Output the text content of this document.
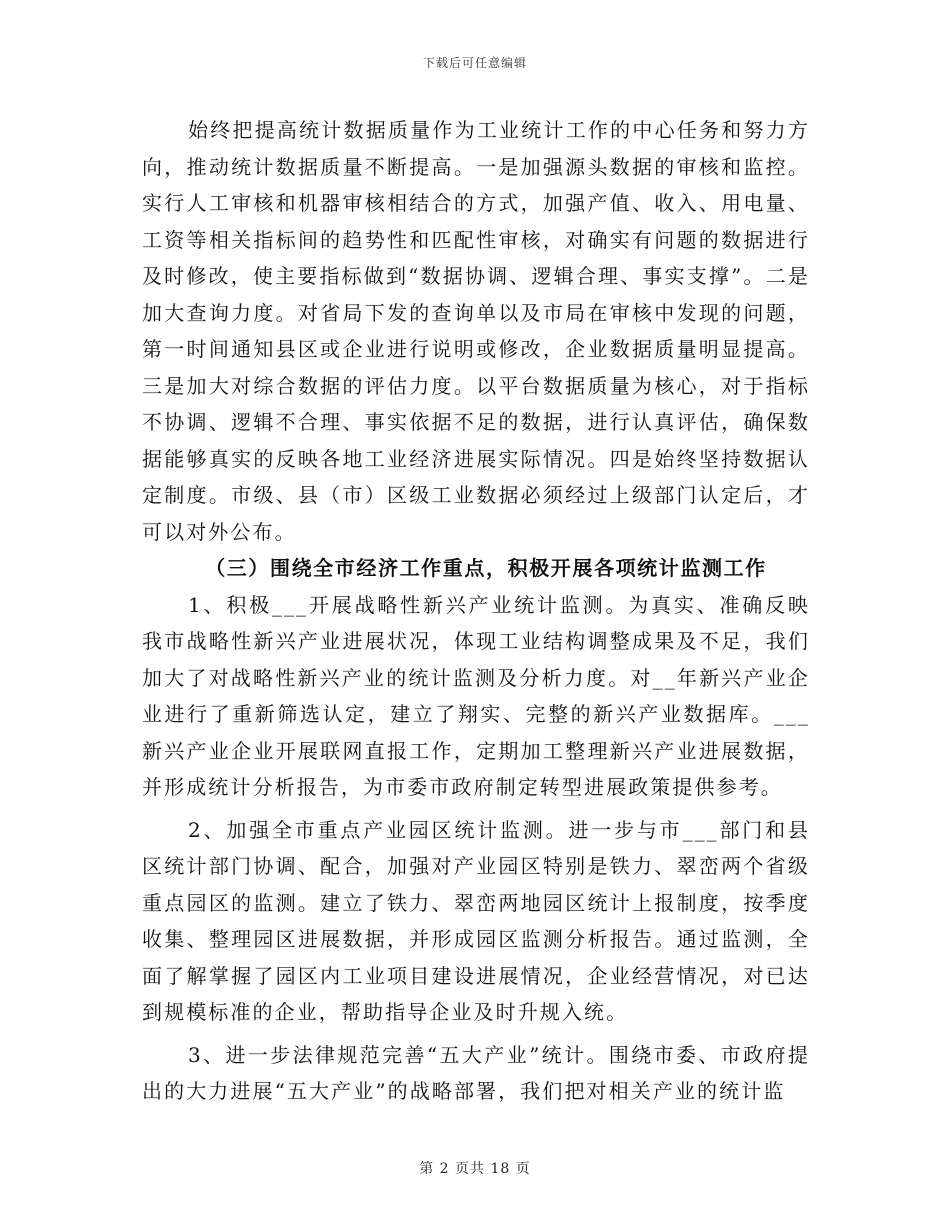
下载后可任意编辑

始终把提高统计数据质量作为工业统计工作的中心任务和努力方向，推动统计数据质量不断提高。一是加强源头数据的审核和监控。实行人工审核和机器审核相结合的方式，加强产值、收入、用电量、工资等相关指标间的趋势性和匹配性审核，对确实有问题的数据进行及时修改，使主要指标做到“数据协调、逻辑合理、事实支撑”。二是加大查询力度。对省局下发的查询单以及市局在审核中发现的问题，第一时间通知县区或企业进行说明或修改，企业数据质量明显提高。三是加大对综合数据的评估力度。以平台数据质量为核心，对于指标不协调、逻辑不合理、事实依据不足的数据，进行认真评估，确保数据能够真实的反映各地工业经济进展实际情况。四是始终坚持数据认定制度。市级、县（市）区级工业数据必须经过上级部门认定后，才可以对外公布。

（三）围绕全市经济工作重点，积极开展各项统计监测工作

1、积极___开展战略性新兴产业统计监测。为真实、准确反映我市战略性新兴产业进展状况，体现工业结构调整成果及不足，我们加大了对战略性新兴产业的统计监测及分析力度。对__年新兴产业企业进行了重新筛选认定，建立了翔实、完整的新兴产业数据库。___新兴产业企业开展联网直报工作，定期加工整理新兴产业进展数据，并形成统计分析报告，为市委市政府制定转型进展政策提供参考。

2、加强全市重点产业园区统计监测。进一步与市___部门和县区统计部门协调、配合，加强对产业园区特别是铁力、翠峦两个省级重点园区的监测。建立了铁力、翠峦两地园区统计上报制度，按季度收集、整理园区进展数据，并形成园区监测分析报告。通过监测，全面了解掌握了园区内工业项目建设进展情况，企业经营情况，对已达到规模标准的企业，帮助指导企业及时升规入统。

3、进一步法律规范完善“五大产业”统计。围绕市委、市政府提出的大力进展“五大产业”的战略部署，我们把对相关产业的统计监

第 2 页共 18 页
